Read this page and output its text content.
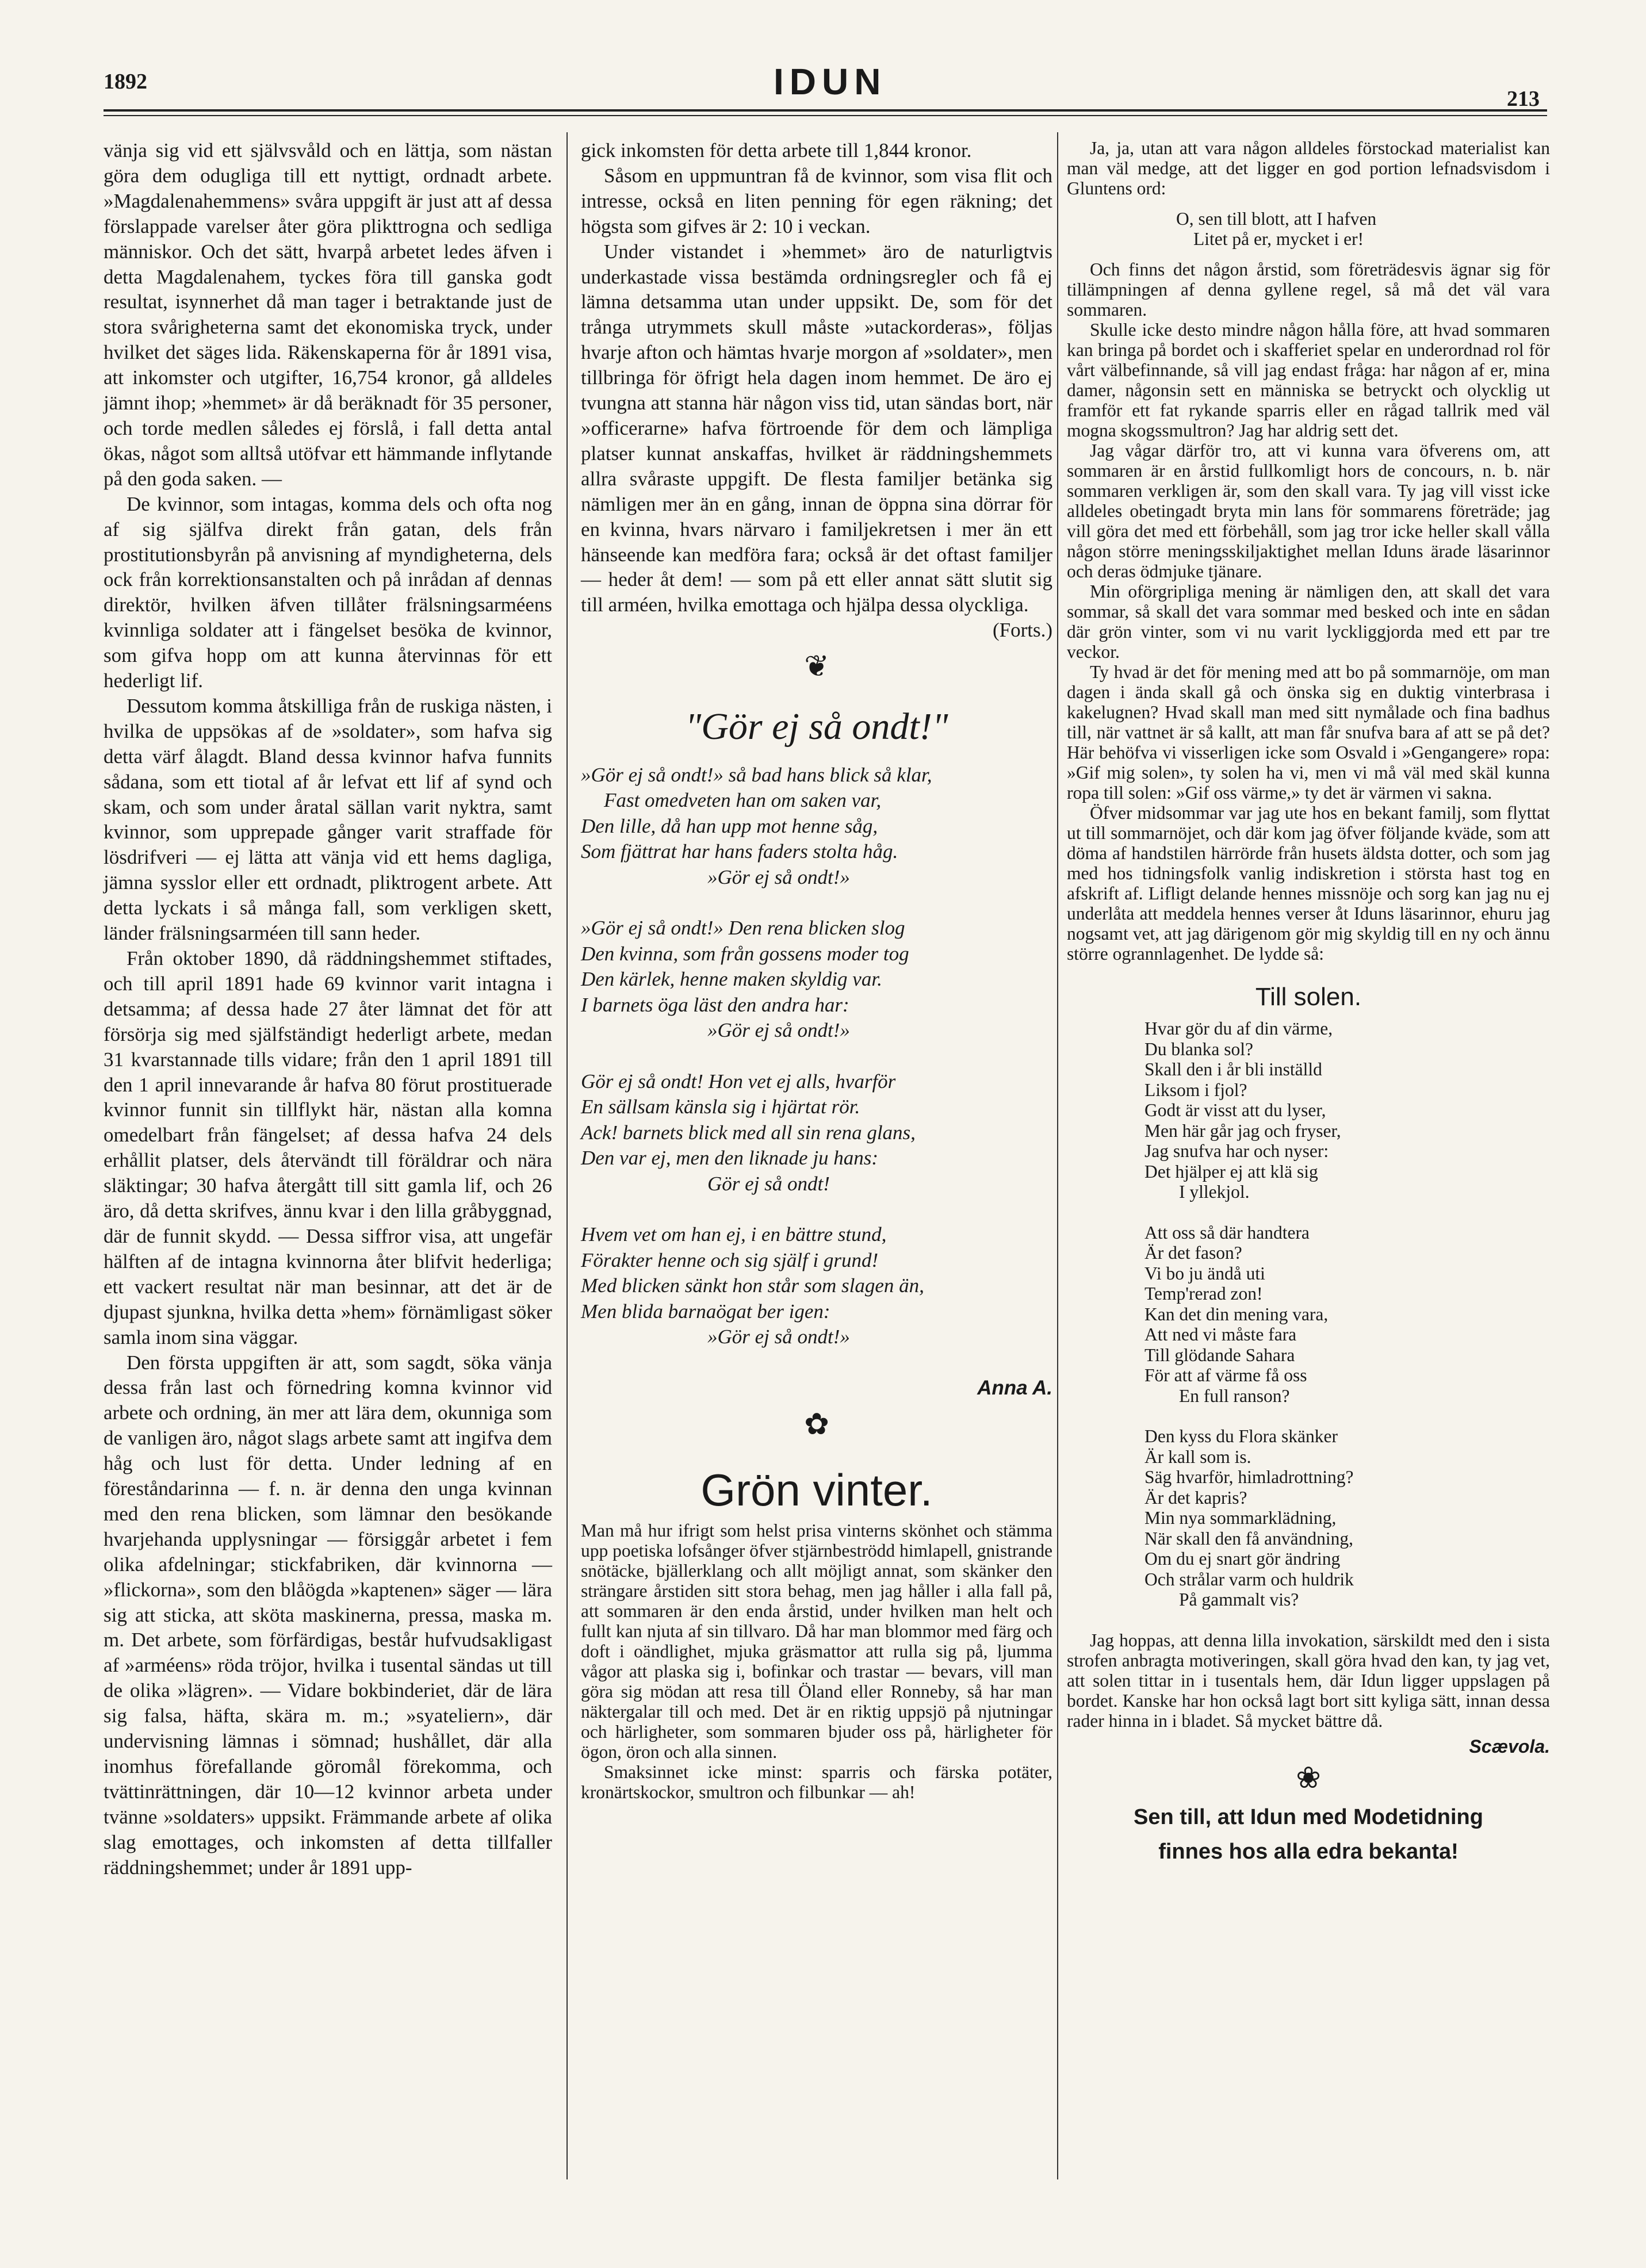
1892	IDUN	213

vänja sig vid ett självsvåld och en lättja, som nästan göra dem odugliga till ett nyttigt, ordnadt arbete. »Magdalenahemmens» svåra uppgift är just att af dessa förslappade varelser åter göra plikttrogna och sedliga människor. Och det sätt, hvarpå arbetet ledes äfven i detta Magdalenahem, tyckes föra till ganska godt resultat, isynnerhet då man tager i betraktande just de stora svårigheterna samt det ekonomiska tryck, under hvilket det säges lida. Räkenskaperna för år 1891 visa, att inkomster och utgifter, 16,754 kronor, gå alldeles jämnt ihop; »hemmet» är då beräknadt för 35 personer, och torde medlen således ej förslå, i fall detta antal ökas, något som alltså utöfvar ett hämmande inflytande på den goda saken. —

De kvinnor, som intagas, komma dels och ofta nog af sig själfva direkt från gatan, dels från prostitutionsbyrån på anvisning af myndigheterna, dels ock från korrektionsanstalten och på inrådan af dennas direktör, hvilken äfven tillåter frälsningsarméens kvinnliga soldater att i fängelset besöka de kvinnor, som gifva hopp om att kunna återvinnas för ett hederligt lif.

Dessutom komma åtskilliga från de ruskiga nästen, i hvilka de uppsökas af de »soldater», som hafva sig detta värf ålagdt. Bland dessa kvinnor hafva funnits sådana, som ett tiotal af år lefvat ett lif af synd och skam, och som under åratal sällan varit nyktra, samt kvinnor, som upprepade gånger varit straffade för lösdrifveri — ej lätta att vänja vid ett hems dagliga, jämna sysslor eller ett ordnadt, pliktrogent arbete. Att detta lyckats i så många fall, som verkligen skett, länder frälsningsarméen till sann heder.

Från oktober 1890, då räddningshemmet stiftades, och till april 1891 hade 69 kvinnor varit intagna i detsamma; af dessa hade 27 åter lämnat det för att försörja sig med själfständigt hederligt arbete, medan 31 kvarstannade tills vidare; från den 1 april 1891 till den 1 april innevarande år hafva 80 förut prostituerade kvinnor funnit sin tillflykt här, nästan alla komna omedelbart från fängelset; af dessa hafva 24 dels erhållit platser, dels återvändt till föräldrar och nära släktingar; 30 hafva återgått till sitt gamla lif, och 26 äro, då detta skrifves, ännu kvar i den lilla gråbyggnad, där de funnit skydd. — Dessa siffror visa, att ungefär hälften af de intagna kvinnorna åter blifvit hederliga; ett vackert resultat när man besinnar, att det är de djupast sjunkna, hvilka detta »hem» förnämligast söker samla inom sina väggar.

Den första uppgiften är att, som sagdt, söka vänja dessa från last och förnedring komna kvinnor vid arbete och ordning, än mer att lära dem, okunniga som de vanligen äro, något slags arbete samt att ingifva dem håg och lust för detta. Under ledning af en föreståndarinna — f. n. är denna den unga kvinnan med den rena blicken, som lämnar den besökande hvarjehanda upplysningar — försiggår arbetet i fem olika afdelningar; stickfabriken, där kvinnorna — »flickorna», som den blåögda »kaptenen» säger — lära sig att sticka, att sköta maskinerna, pressa, maska m. m. Det arbete, som förfärdigas, består hufvudsakligast af »arméens» röda tröjor, hvilka i tusental sändas ut till de olika »lägren». — Vidare bokbinderiet, där de lära sig falsa, häfta, skära m. m.; »syateliern», där undervisning lämnas i sömnad; hushållet, där alla inomhus förefallande göromål förekomma, och tvättinrättningen, där 10—12 kvinnor arbeta under tvänne »soldaters» uppsikt. Främmande arbete af olika slag emottages, och inkomsten af detta tillfaller räddningshemmet; under år 1891 upp-

gick inkomsten för detta arbete till 1,844 kronor.

Såsom en uppmuntran få de kvinnor, som visa flit och intresse, också en liten penning för egen räkning; det högsta som gifves är 2: 10 i veckan.

Under vistandet i »hemmet» äro de naturligtvis underkastade vissa bestämda ordningsregler och få ej lämna detsamma utan under uppsikt. De, som för det trånga utrymmets skull måste »utackorderas», följas hvarje afton och hämtas hvarje morgon af »soldater», men tillbringa för öfrigt hela dagen inom hemmet. De äro ej tvungna att stanna här någon viss tid, utan sändas bort, när »officerarne» hafva förtroende för dem och lämpliga platser kunnat anskaffas, hvilket är räddningshemmets allra svåraste uppgift. De flesta familjer betänka sig nämligen mer än en gång, innan de öppna sina dörrar för en kvinna, hvars närvaro i familjekretsen i mer än ett hänseende kan medföra fara; också är det oftast familjer — heder åt dem! — som på ett eller annat sätt slutit sig till arméen, hvilka emottaga och hjälpa dessa olyckliga.

(Forts.)

❦
"Gör ej så ondt!"
»Gör ej så ondt!» så bad hans blick så klar,
Fast omedveten han om saken var,
Den lille, då han upp mot henne såg,
Som fjättrat har hans faders stolta håg.
»Gör ej så ondt!»
»Gör ej så ondt!» Den rena blicken slog
Den kvinna, som från gossens moder tog
Den kärlek, henne maken skyldig var.
I barnets öga läst den andra har:
»Gör ej så ondt!»
Gör ej så ondt! Hon vet ej alls, hvarför
En sällsam känsla sig i hjärtat rör.
Ack! barnets blick med all sin rena glans,
Den var ej, men den liknade ju hans:
Gör ej så ondt!
Hvem vet om han ej, i en bättre stund,
Förakter henne och sig själf i grund!
Med blicken sänkt hon står som slagen än,
Men blida barnaögat ber igen:
»Gör ej så ondt!»
Anna A.
✿
Grön vinter.

Man må hur ifrigt som helst prisa vinterns skönhet och stämma upp poetiska lofsånger öfver stjärnbeströdd himlapell, gnistrande snötäcke, bjällerklang och allt möjligt annat, som skänker den strängare årstiden sitt stora behag, men jag håller i alla fall på, att sommaren är den enda årstid, under hvilken man helt och fullt kan njuta af sin tillvaro. Då har man blommor med färg och doft i oändlighet, mjuka gräsmattor att rulla sig på, ljumma vågor att plaska sig i, bofinkar och trastar — bevars, vill man göra sig mödan att resa till Öland eller Ronneby, så har man näktergalar till och med. Det är en riktig uppsjö på njutningar och härligheter, som sommaren bjuder oss på, härligheter för ögon, öron och alla sinnen.

Smaksinnet icke minst: sparris och färska potäter, kronärtskockor, smultron och filbunkar — ah!

Ja, ja, utan att vara någon alldeles förstockad materialist kan man väl medge, att det ligger en god portion lefnadsvisdom i Gluntens ord:

O, sen till blott, att I hafven
Litet på er, mycket i er!

Och finns det någon årstid, som företrädesvis ägnar sig för tillämpningen af denna gyllene regel, så må det väl vara sommaren.

Skulle icke desto mindre någon hålla före, att hvad sommaren kan bringa på bordet och i skafferiet spelar en underordnad rol för vårt välbefinnande, så vill jag endast fråga: har någon af er, mina damer, någonsin sett en människa se betryckt och olycklig ut framför ett fat rykande sparris eller en rågad tallrik med väl mogna skogssmultron? Jag har aldrig sett det.

Jag vågar därför tro, att vi kunna vara öfverens om, att sommaren är en årstid fullkomligt hors de concours, n. b. när sommaren verkligen är, som den skall vara. Ty jag vill visst icke alldeles obetingadt bryta min lans för sommarens företräde; jag vill göra det med ett förbehåll, som jag tror icke heller skall vålla någon större meningsskiljaktighet mellan Iduns ärade läsarinnor och deras ödmjuke tjänare.

Min oförgripliga mening är nämligen den, att skall det vara sommar, så skall det vara sommar med besked och inte en sådan där grön vinter, som vi nu varit lyckliggjorda med ett par tre veckor.

Ty hvad är det för mening med att bo på sommarnöje, om man dagen i ända skall gå och önska sig en duktig vinterbrasa i kakelugnen? Hvad skall man med sitt nymålade och fina badhus till, när vattnet är så kallt, att man får snufva bara af att se på det? Här behöfva vi visserligen icke som Osvald i »Gengangere» ropa: »Gif mig solen», ty solen ha vi, men vi må väl med skäl kunna ropa till solen: »Gif oss värme,» ty det är värmen vi sakna.

Öfver midsommar var jag ute hos en bekant familj, som flyttat ut till sommarnöjet, och där kom jag öfver följande kväde, som att döma af handstilen härrörde från husets äldsta dotter, och som jag med hos tidningsfolk vanlig indiskretion i största hast tog en afskrift af. Lifligt delande hennes missnöje och sorg kan jag nu ej underlåta att meddela hennes verser åt Iduns läsarinnor, ehuru jag nogsamt vet, att jag därigenom gör mig skyldig till en ny och ännu större ogrannlagenhet. De lydde så:

Till solen.
Hvar gör du af din värme,
Du blanka sol?
Skall den i år bli inställd
Liksom i fjol?
Godt är visst att du lyser,
Men här går jag och fryser,
Jag snufva har och nyser:
Det hjälper ej att klä sig
I yllekjol.
Att oss så där handtera
Är det fason?
Vi bo ju ändå uti
Temp'rerad zon!
Kan det din mening vara,
Att ned vi måste fara
Till glödande Sahara
För att af värme få oss
En full ranson?
Den kyss du Flora skänker
Är kall som is.
Säg hvarför, himladrottning?
Är det kapris?
Min nya sommarklädning,
När skall den få användning,
Om du ej snart gör ändring
Och strålar varm och huldrik
På gammalt vis?

Jag hoppas, att denna lilla invokation, särskildt med den i sista strofen anbragta motiveringen, skall göra hvad den kan, ty jag vet, att solen tittar in i tusentals hem, där Idun ligger uppslagen på bordet. Kanske har hon också lagt bort sitt kyliga sätt, innan dessa rader hinna in i bladet. Så mycket bättre då.

Scævola.
❀
Sen till, att Idun med Modetidning
finnes hos alla edra bekanta!
